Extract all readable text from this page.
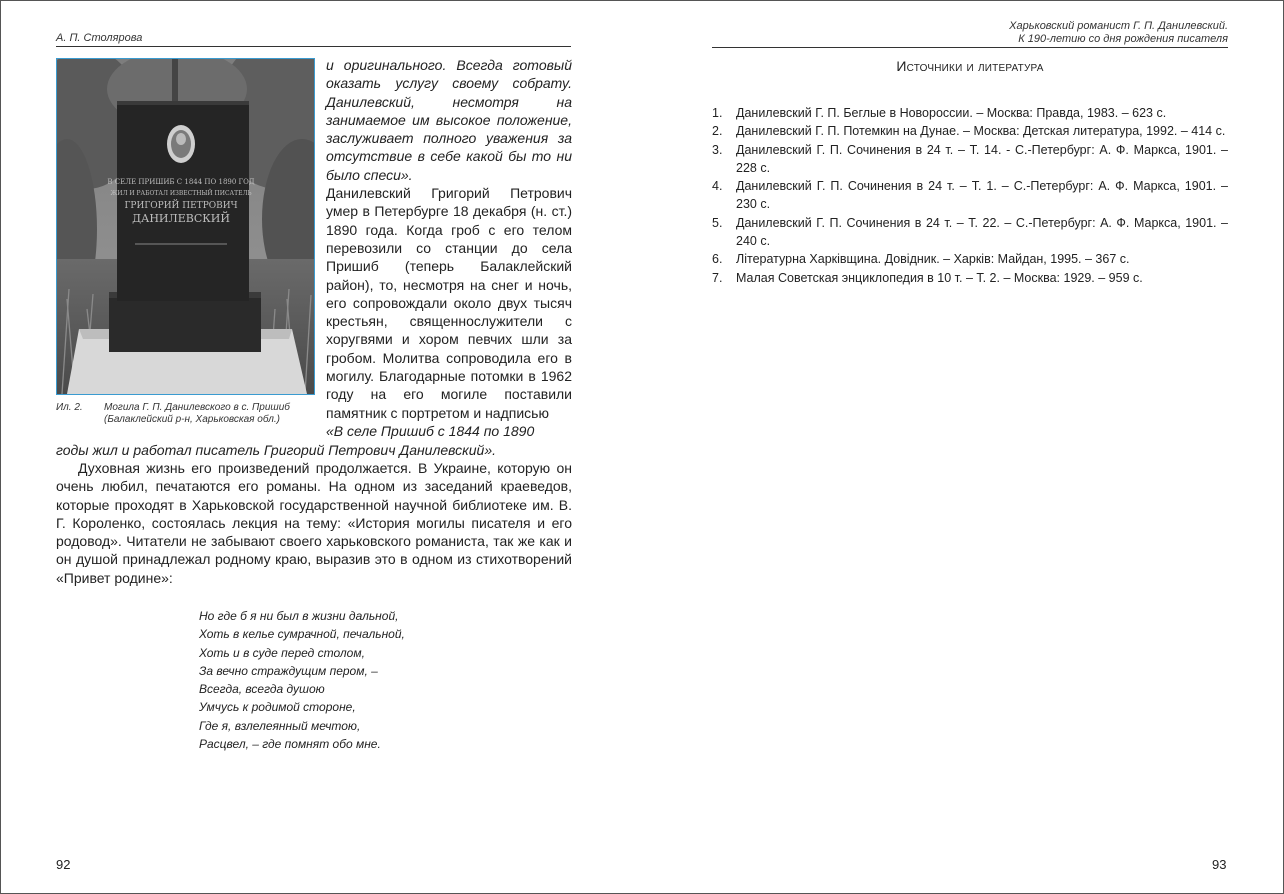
А. П. Столярова
В СЕЛЕ ПРИШИБ С 1844 ПО 1890 ГОД
ЖИЛ И РАБОТАЛ ИЗВЕСТНЫЙ ПИСАТЕЛЬ
ГРИГОРИЙ ПЕТРОВИЧ
ДАНИЛЕВСКИЙ
Ил. 2. Могила Г. П. Данилевского в с. Пришиб (Балаклейский р-н, Харьковская обл.)
и оригинального. Всегда готовый оказать услугу своему собрату. Данилевский, несмотря на занимаемое им высокое положение, заслуживает полного уважения за отсутствие в себе какой бы то ни было спеси».
Данилевский Григорий Петрович умер в Петербурге 18 декабря (н. ст.) 1890 года. Когда гроб с его телом перевозили со станции до села Пришиб (теперь Балаклейский район), то, несмотря на снег и ночь, его сопровождали около двух тысяч крестьян, священнослужители с хоругвями и хором певчих шли за гробом. Молитва сопроводила его в могилу. Благодарные потомки в 1962 году на его могиле поставили памятник с портретом и надписью
«В селе Пришиб с 1844 по 1890
годы жил и работал писатель Григорий Петрович Данилевский».
Духовная жизнь его произведений продолжается. В Украине, которую он очень любил, печатаются его романы. На одном из заседаний краеведов, которые проходят в Харьковской государственной научной библиотеке им. В. Г. Короленко, состоялась лекция на тему: «История могилы писателя и его родовод». Читатели не забывают своего харьковского романиста, так же как и он душой принадлежал родному краю, выразив это в одном из стихотворений «Привет родине»:
Но где б я ни был в жизни дальной,
Хоть в келье сумрачной, печальной,
Хоть и в суде перед столом,
За вечно страждущим пером, –
Всегда, всегда душою
Умчусь к родимой стороне,
Где я, взлелеянный мечтою,
Расцвел, – где помнят обо мне.
92
Харьковский романист Г. П. Данилевский.
К 190-летию со дня рождения писателя
Источники и литература
1. Данилевский Г. П. Беглые в Новороссии. – Москва: Правда, 1983. – 623 с.
2. Данилевский Г. П. Потемкин на Дунае. – Москва: Детская литература, 1992. – 414 с.
3. Данилевский Г. П. Сочинения в 24 т. – Т. 14. - С.-Петербург: А. Ф. Маркса, 1901. – 228 с.
4. Данилевский Г. П. Сочинения в 24 т. – Т. 1. – С.-Петербург: А. Ф. Маркса, 1901. – 230 с.
5. Данилевский Г. П. Сочинения в 24 т. – Т. 22. – С.-Петербург: А. Ф. Маркса, 1901. – 240 с.
6. Літературна Харківщина. Довідник. – Харків: Майдан, 1995. – 367 с.
7. Малая Советская энциклопедия в 10 т. – Т. 2. – Москва: 1929. – 959 с.
93
